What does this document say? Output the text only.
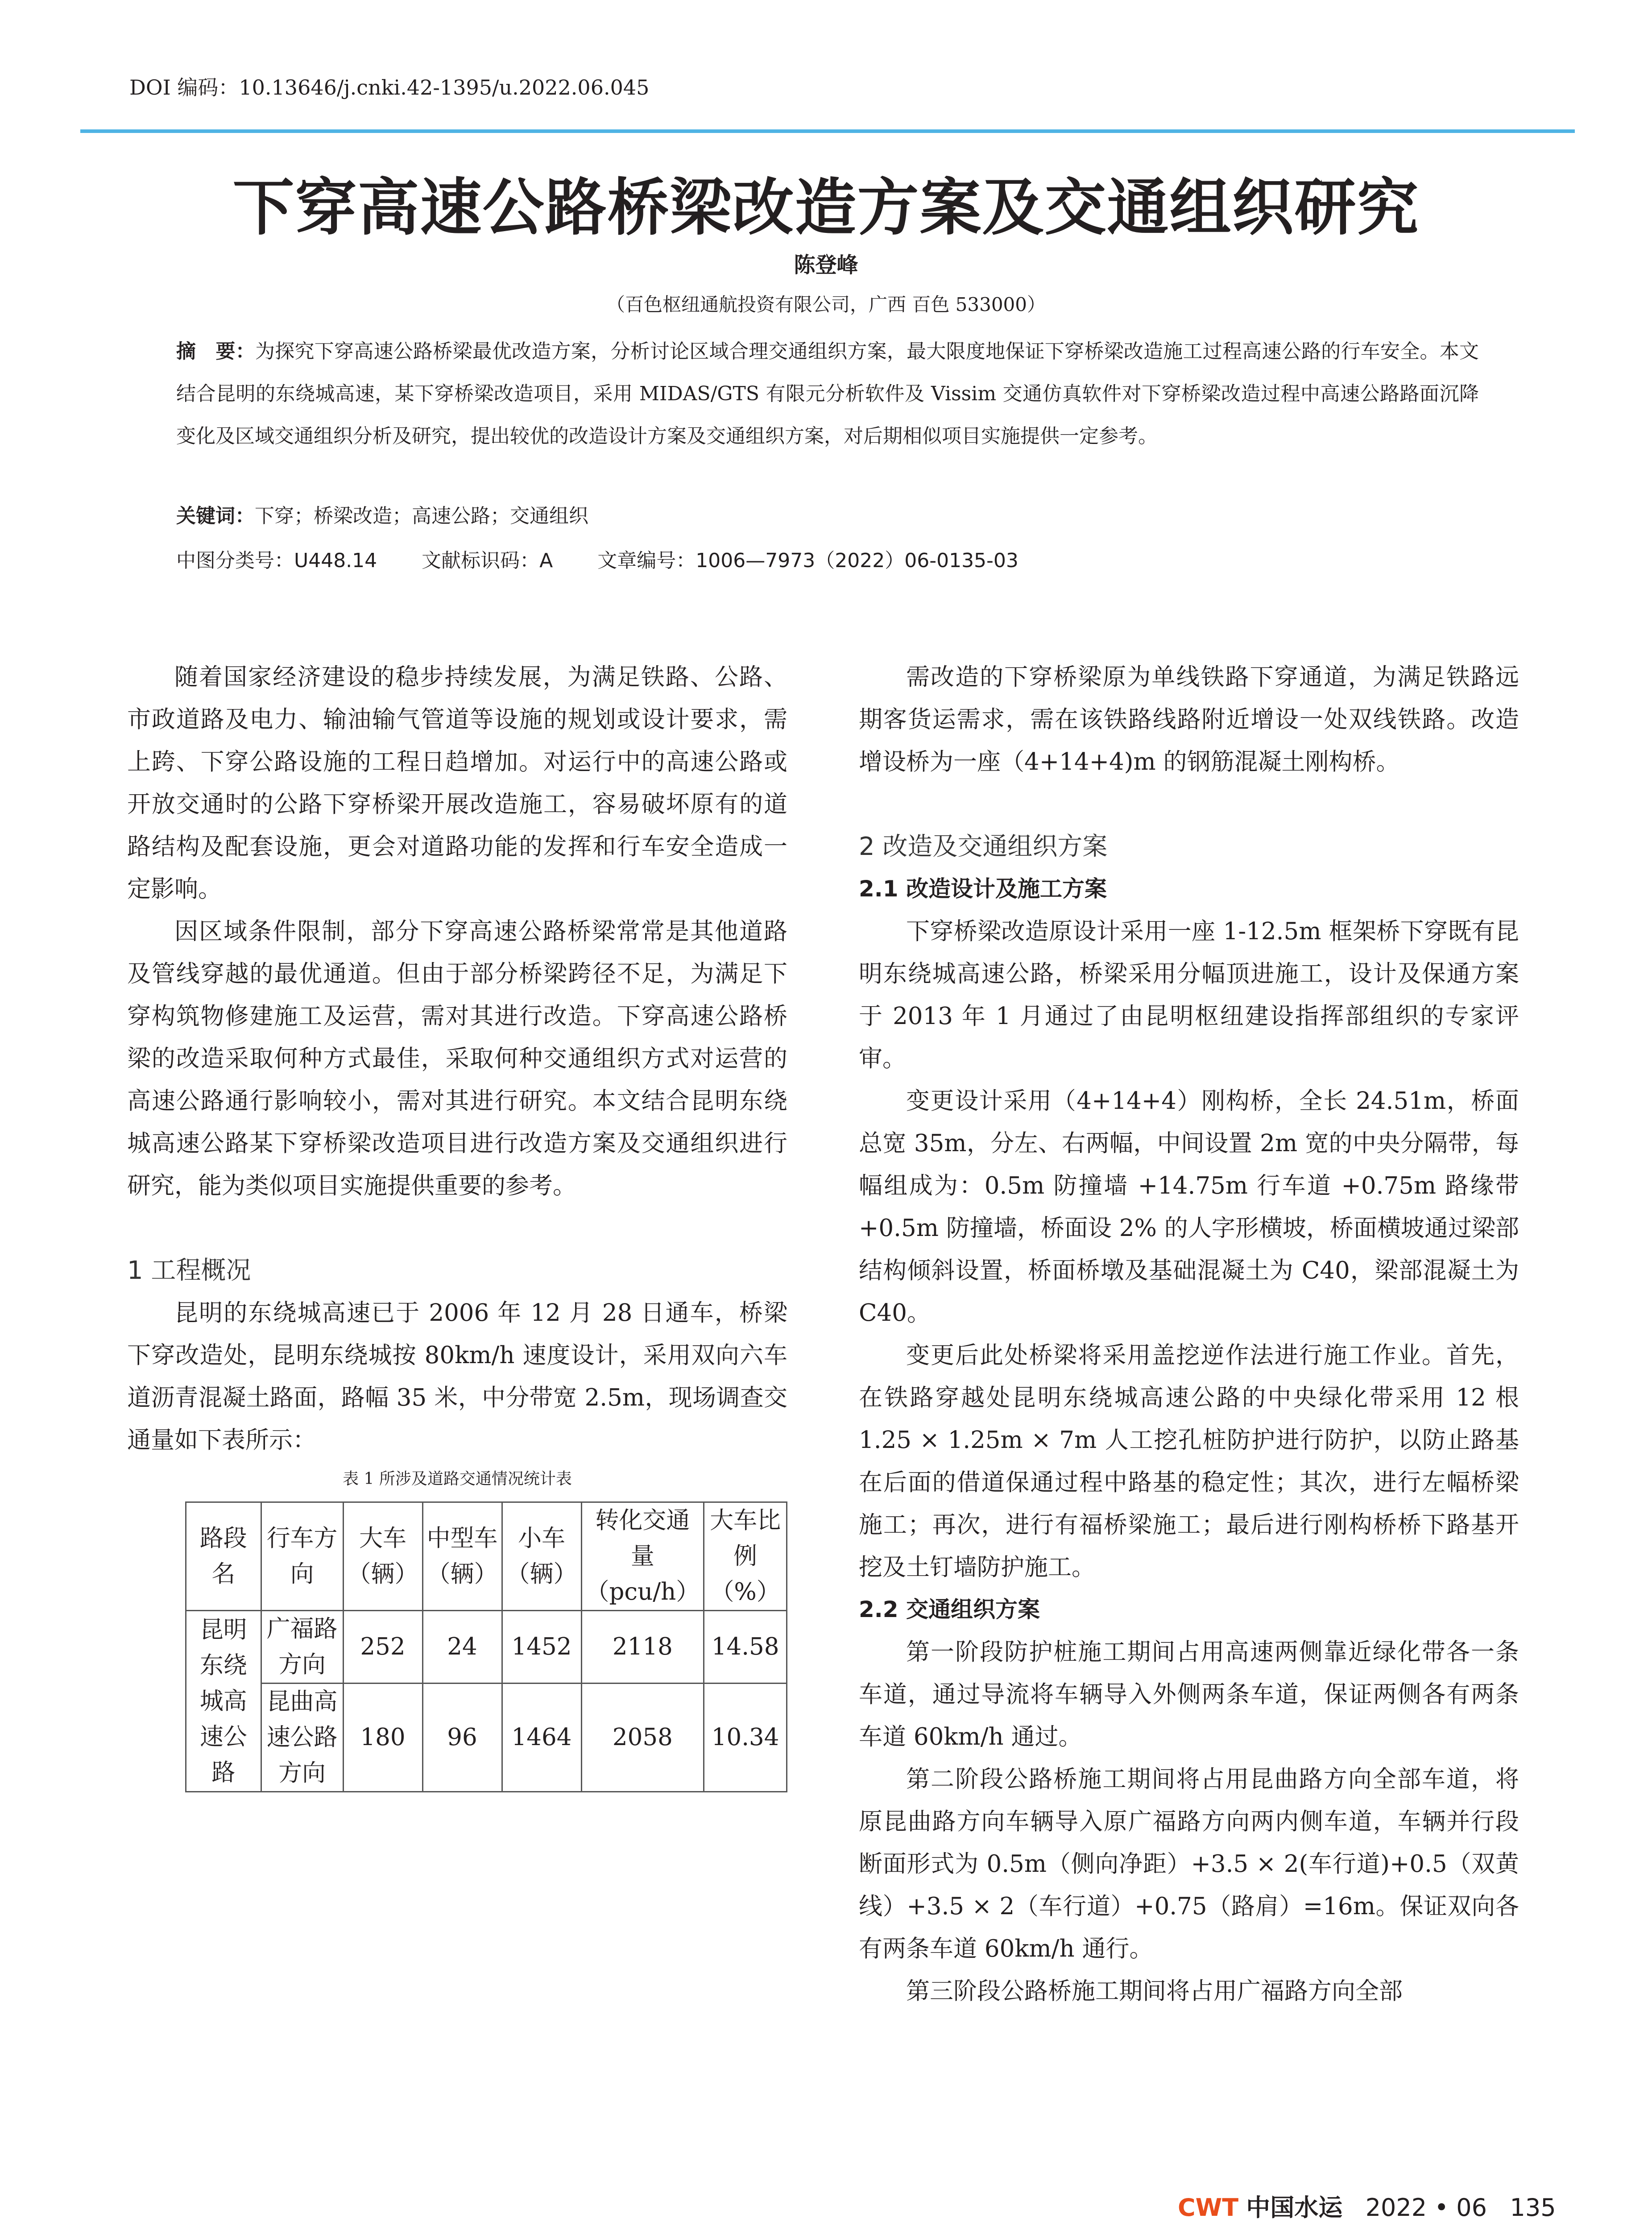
DOI 编码：10.13646/j.cnki.42-1395/u.2022.06.045
下穿高速公路桥梁改造方案及交通组织研究
陈登峰
（百色枢纽通航投资有限公司，广西 百色 533000）
摘　要：为探究下穿高速公路桥梁最优改造方案，分析讨论区域合理交通组织方案，最大限度地保证下穿桥梁改造施工过程高速公路的行车安全。本文结合昆明的东绕城高速，某下穿桥梁改造项目，采用 MIDAS/GTS 有限元分析软件及 Vissim 交通仿真软件对下穿桥梁改造过程中高速公路路面沉降变化及区域交通组织分析及研究，提出较优的改造设计方案及交通组织方案，对后期相似项目实施提供一定参考。
关键词：下穿；桥梁改造；高速公路；交通组织
中图分类号：U448.14 文献标识码：A 文章编号：1006—7973（2022）06-0135-03

随着国家经济建设的稳步持续发展，为满足铁路、公路、市政道路及电力、输油输气管道等设施的规划或设计要求，需上跨、下穿公路设施的工程日趋增加。对运行中的高速公路或开放交通时的公路下穿桥梁开展改造施工，容易破坏原有的道路结构及配套设施，更会对道路功能的发挥和行车安全造成一定影响。

因区域条件限制，部分下穿高速公路桥梁常常是其他道路及管线穿越的最优通道。但由于部分桥梁跨径不足，为满足下穿构筑物修建施工及运营，需对其进行改造。下穿高速公路桥梁的改造采取何种方式最佳，采取何种交通组织方式对运营的高速公路通行影响较小，需对其进行研究。本文结合昆明东绕城高速公路某下穿桥梁改造项目进行改造方案及交通组织进行研究，能为类似项目实施提供重要的参考。

1 工程概况

昆明的东绕城高速已于 2006 年 12 月 28 日通车，桥梁下穿改造处，昆明东绕城按 80km/h 速度设计，采用双向六车道沥青混凝土路面，路幅 35 米，中分带宽 2.5m，现场调查交通量如下表所示：

表 1 所涉及道路交通情况统计表
路段名	行车方向	大车（辆）	中型车（辆）	小车（辆）	转化交通量（pcu/h）	大车比例（%）
昆明东绕城高速公路	广福路方向	252	24	1452	2118	14.58
	昆曲高速公路方向	180	96	1464	2058	10.34

需改造的下穿桥梁原为单线铁路下穿通道，为满足铁路远期客货运需求，需在该铁路线路附近增设一处双线铁路。改造增设桥为一座（4+14+4)m 的钢筋混凝土刚构桥。

2 改造及交通组织方案
2.1 改造设计及施工方案

下穿桥梁改造原设计采用一座 1-12.5m 框架桥下穿既有昆明东绕城高速公路，桥梁采用分幅顶进施工，设计及保通方案于 2013 年 1 月通过了由昆明枢纽建设指挥部组织的专家评审。

变更设计采用（4+14+4）刚构桥，全长 24.51m，桥面总宽 35m，分左、右两幅，中间设置 2m 宽的中央分隔带，每幅组成为：0.5m 防撞墙 +14.75m 行车道 +0.75m 路缘带 +0.5m 防撞墙，桥面设 2% 的人字形横坡，桥面横坡通过梁部结构倾斜设置，桥面桥墩及基础混凝土为 C40，梁部混凝土为 C40。

变更后此处桥梁将采用盖挖逆作法进行施工作业。首先，在铁路穿越处昆明东绕城高速公路的中央绿化带采用 12 根 1.25 × 1.25m × 7m 人工挖孔桩防护进行防护，以防止路基在后面的借道保通过程中路基的稳定性；其次，进行左幅桥梁施工；再次，进行有福桥梁施工；最后进行刚构桥桥下路基开挖及土钉墙防护施工。

2.2 交通组织方案

第一阶段防护桩施工期间占用高速两侧靠近绿化带各一条车道，通过导流将车辆导入外侧两条车道，保证两侧各有两条车道 60km/h 通过。

第二阶段公路桥施工期间将占用昆曲路方向全部车道，将原昆曲路方向车辆导入原广福路方向两内侧车道，车辆并行段断面形式为 0.5m（侧向净距）+3.5 × 2(车行道)+0.5（双黄线）+3.5 × 2（车行道）+0.75（路肩）=16m。保证双向各有两条车道 60km/h 通行。

第三阶段公路桥施工期间将占用广福路方向全部

CWT 中国水运 2022 • 06 135
